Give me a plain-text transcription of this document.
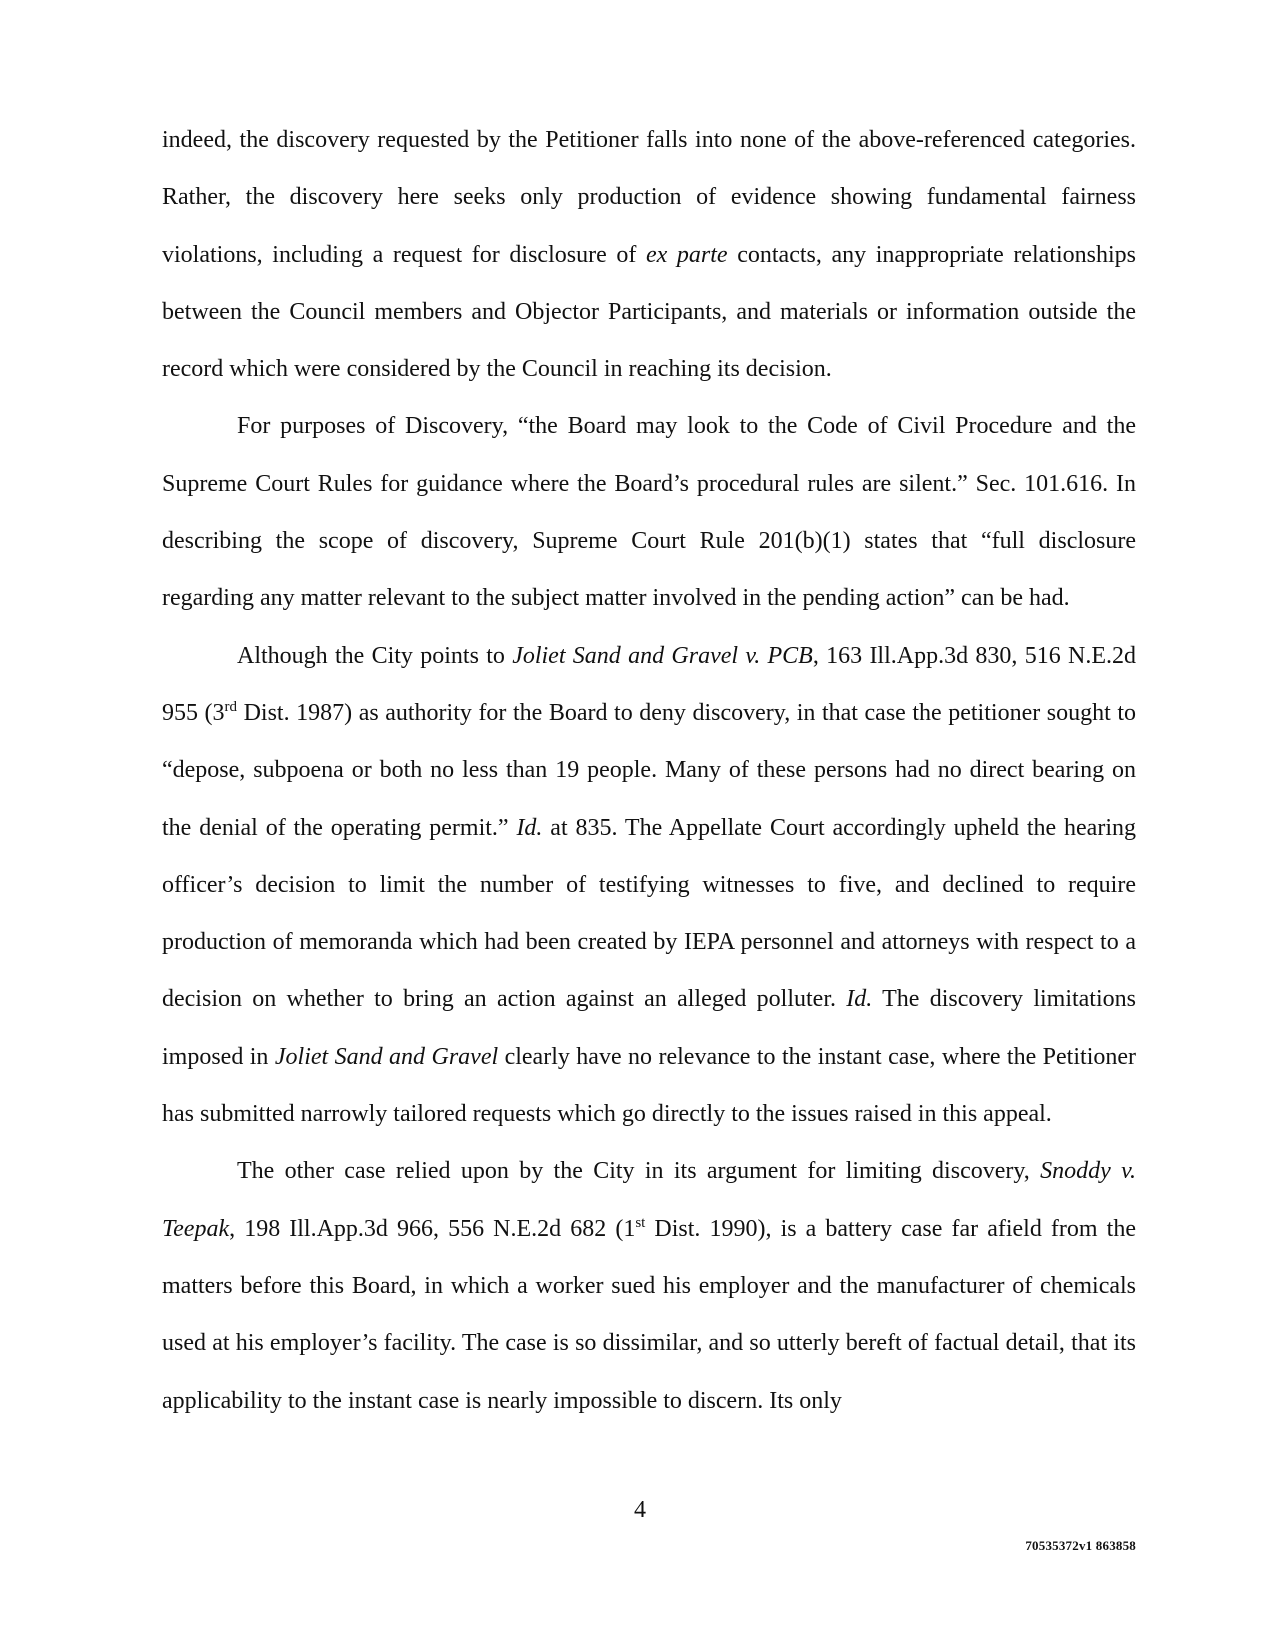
indeed, the discovery requested by the Petitioner falls into none of the above-referenced categories. Rather, the discovery here seeks only production of evidence showing fundamental fairness violations, including a request for disclosure of ex parte contacts, any inappropriate relationships between the Council members and Objector Participants, and materials or information outside the record which were considered by the Council in reaching its decision.

For purposes of Discovery, “the Board may look to the Code of Civil Procedure and the Supreme Court Rules for guidance where the Board’s procedural rules are silent.” Sec. 101.616. In describing the scope of discovery, Supreme Court Rule 201(b)(1) states that “full disclosure regarding any matter relevant to the subject matter involved in the pending action” can be had.

Although the City points to Joliet Sand and Gravel v. PCB, 163 Ill.App.3d 830, 516 N.E.2d 955 (3rd Dist. 1987) as authority for the Board to deny discovery, in that case the petitioner sought to “depose, subpoena or both no less than 19 people. Many of these persons had no direct bearing on the denial of the operating permit.” Id. at 835. The Appellate Court accordingly upheld the hearing officer’s decision to limit the number of testifying witnesses to five, and declined to require production of memoranda which had been created by IEPA personnel and attorneys with respect to a decision on whether to bring an action against an alleged polluter. Id. The discovery limitations imposed in Joliet Sand and Gravel clearly have no relevance to the instant case, where the Petitioner has submitted narrowly tailored requests which go directly to the issues raised in this appeal.

The other case relied upon by the City in its argument for limiting discovery, Snoddy v. Teepak, 198 Ill.App.3d 966, 556 N.E.2d 682 (1st Dist. 1990), is a battery case far afield from the matters before this Board, in which a worker sued his employer and the manufacturer of chemicals used at his employer’s facility. The case is so dissimilar, and so utterly bereft of factual detail, that its applicability to the instant case is nearly impossible to discern. Its only

4
70535372v1 863858
